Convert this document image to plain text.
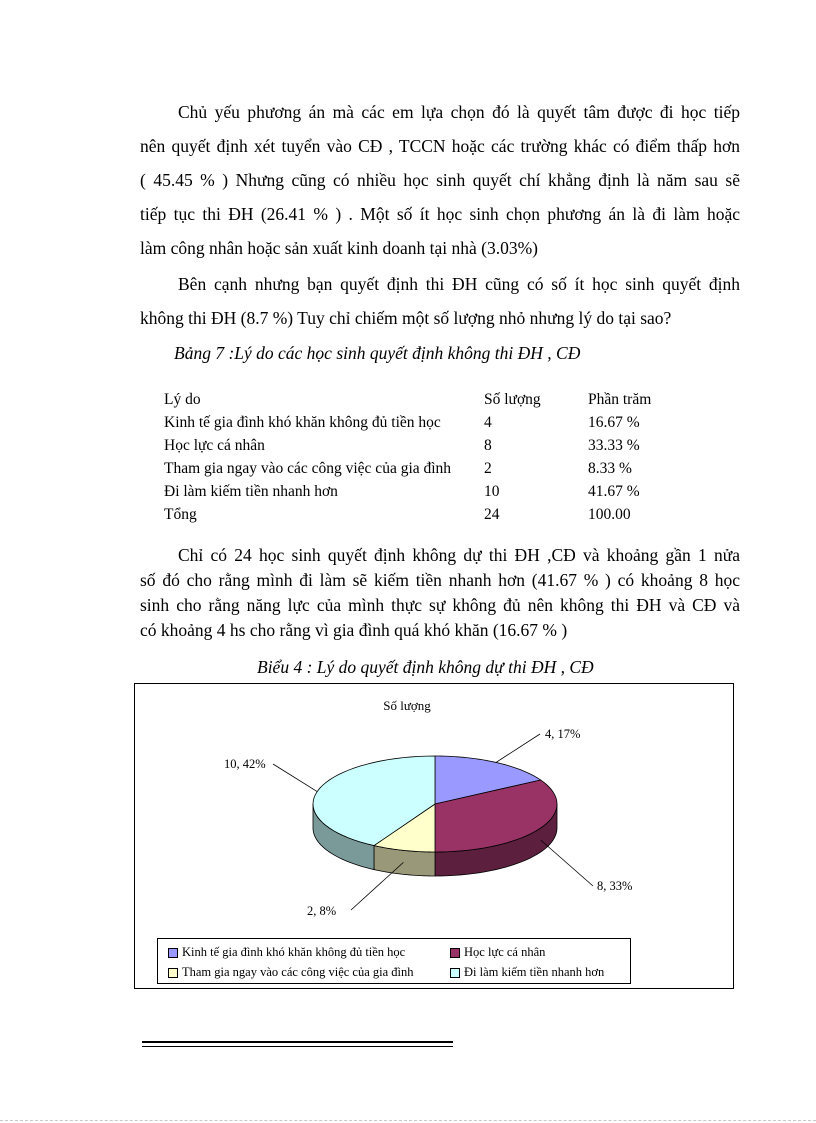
Chủ yếu phương án mà các em lựa chọn đó là quyết tâm được đi học tiếp
nên quyết định xét tuyển vào CĐ , TCCN hoặc các trường khác có điểm thấp hơn
( 45.45 % ) Nhưng cũng có nhiều học sinh quyết chí khẳng định là năm sau sẽ
tiếp tục thi ĐH (26.41 % ) . Một số ít học sinh chọn phương án là đi làm hoặc
làm công nhân hoặc sản xuất kinh doanh tại nhà (3.03%)
Bên cạnh nhưng bạn quyết định thi ĐH cũng có số ít học sinh quyết định
không thi ĐH (8.7 %) Tuy chỉ chiếm một số lượng nhỏ nhưng lý do tại sao?
Bảng 7 :Lý do các học sinh quyết định không thi ĐH , CĐ
Lý do	Số lượng	Phần trăm
Kinh tế gia đình khó khăn không đủ tiền học	4	16.67 %
Học lực cá nhân	8	33.33 %
Tham gia ngay vào các công việc của gia đình	2	8.33 %
Đi làm kiếm tiền nhanh hơn	10	41.67 %
Tổng	24	100.00
Chỉ có 24 học sinh quyết định không dự thi ĐH ,CĐ và khoảng gần 1 nửa
số đó cho rằng mình đi làm sẽ kiếm tiền nhanh hơn (41.67 % ) có khoảng 8 học
sinh cho rằng năng lực của mình thực sự không đủ nên không thi ĐH và CĐ và
có khoảng 4 hs cho rằng vì gia đình quá khó khăn (16.67 % )
Biểu 4 : Lý do quyết định không dự thi ĐH , CĐ
Số lượng
4, 17%
8, 33%
2, 8%
10, 42%
Kinh tế gia đình khó khăn không đủ tiền học	Học lực cá nhân
Tham gia ngay vào các công việc của gia đình	Đi làm kiếm tiền nhanh hơn
